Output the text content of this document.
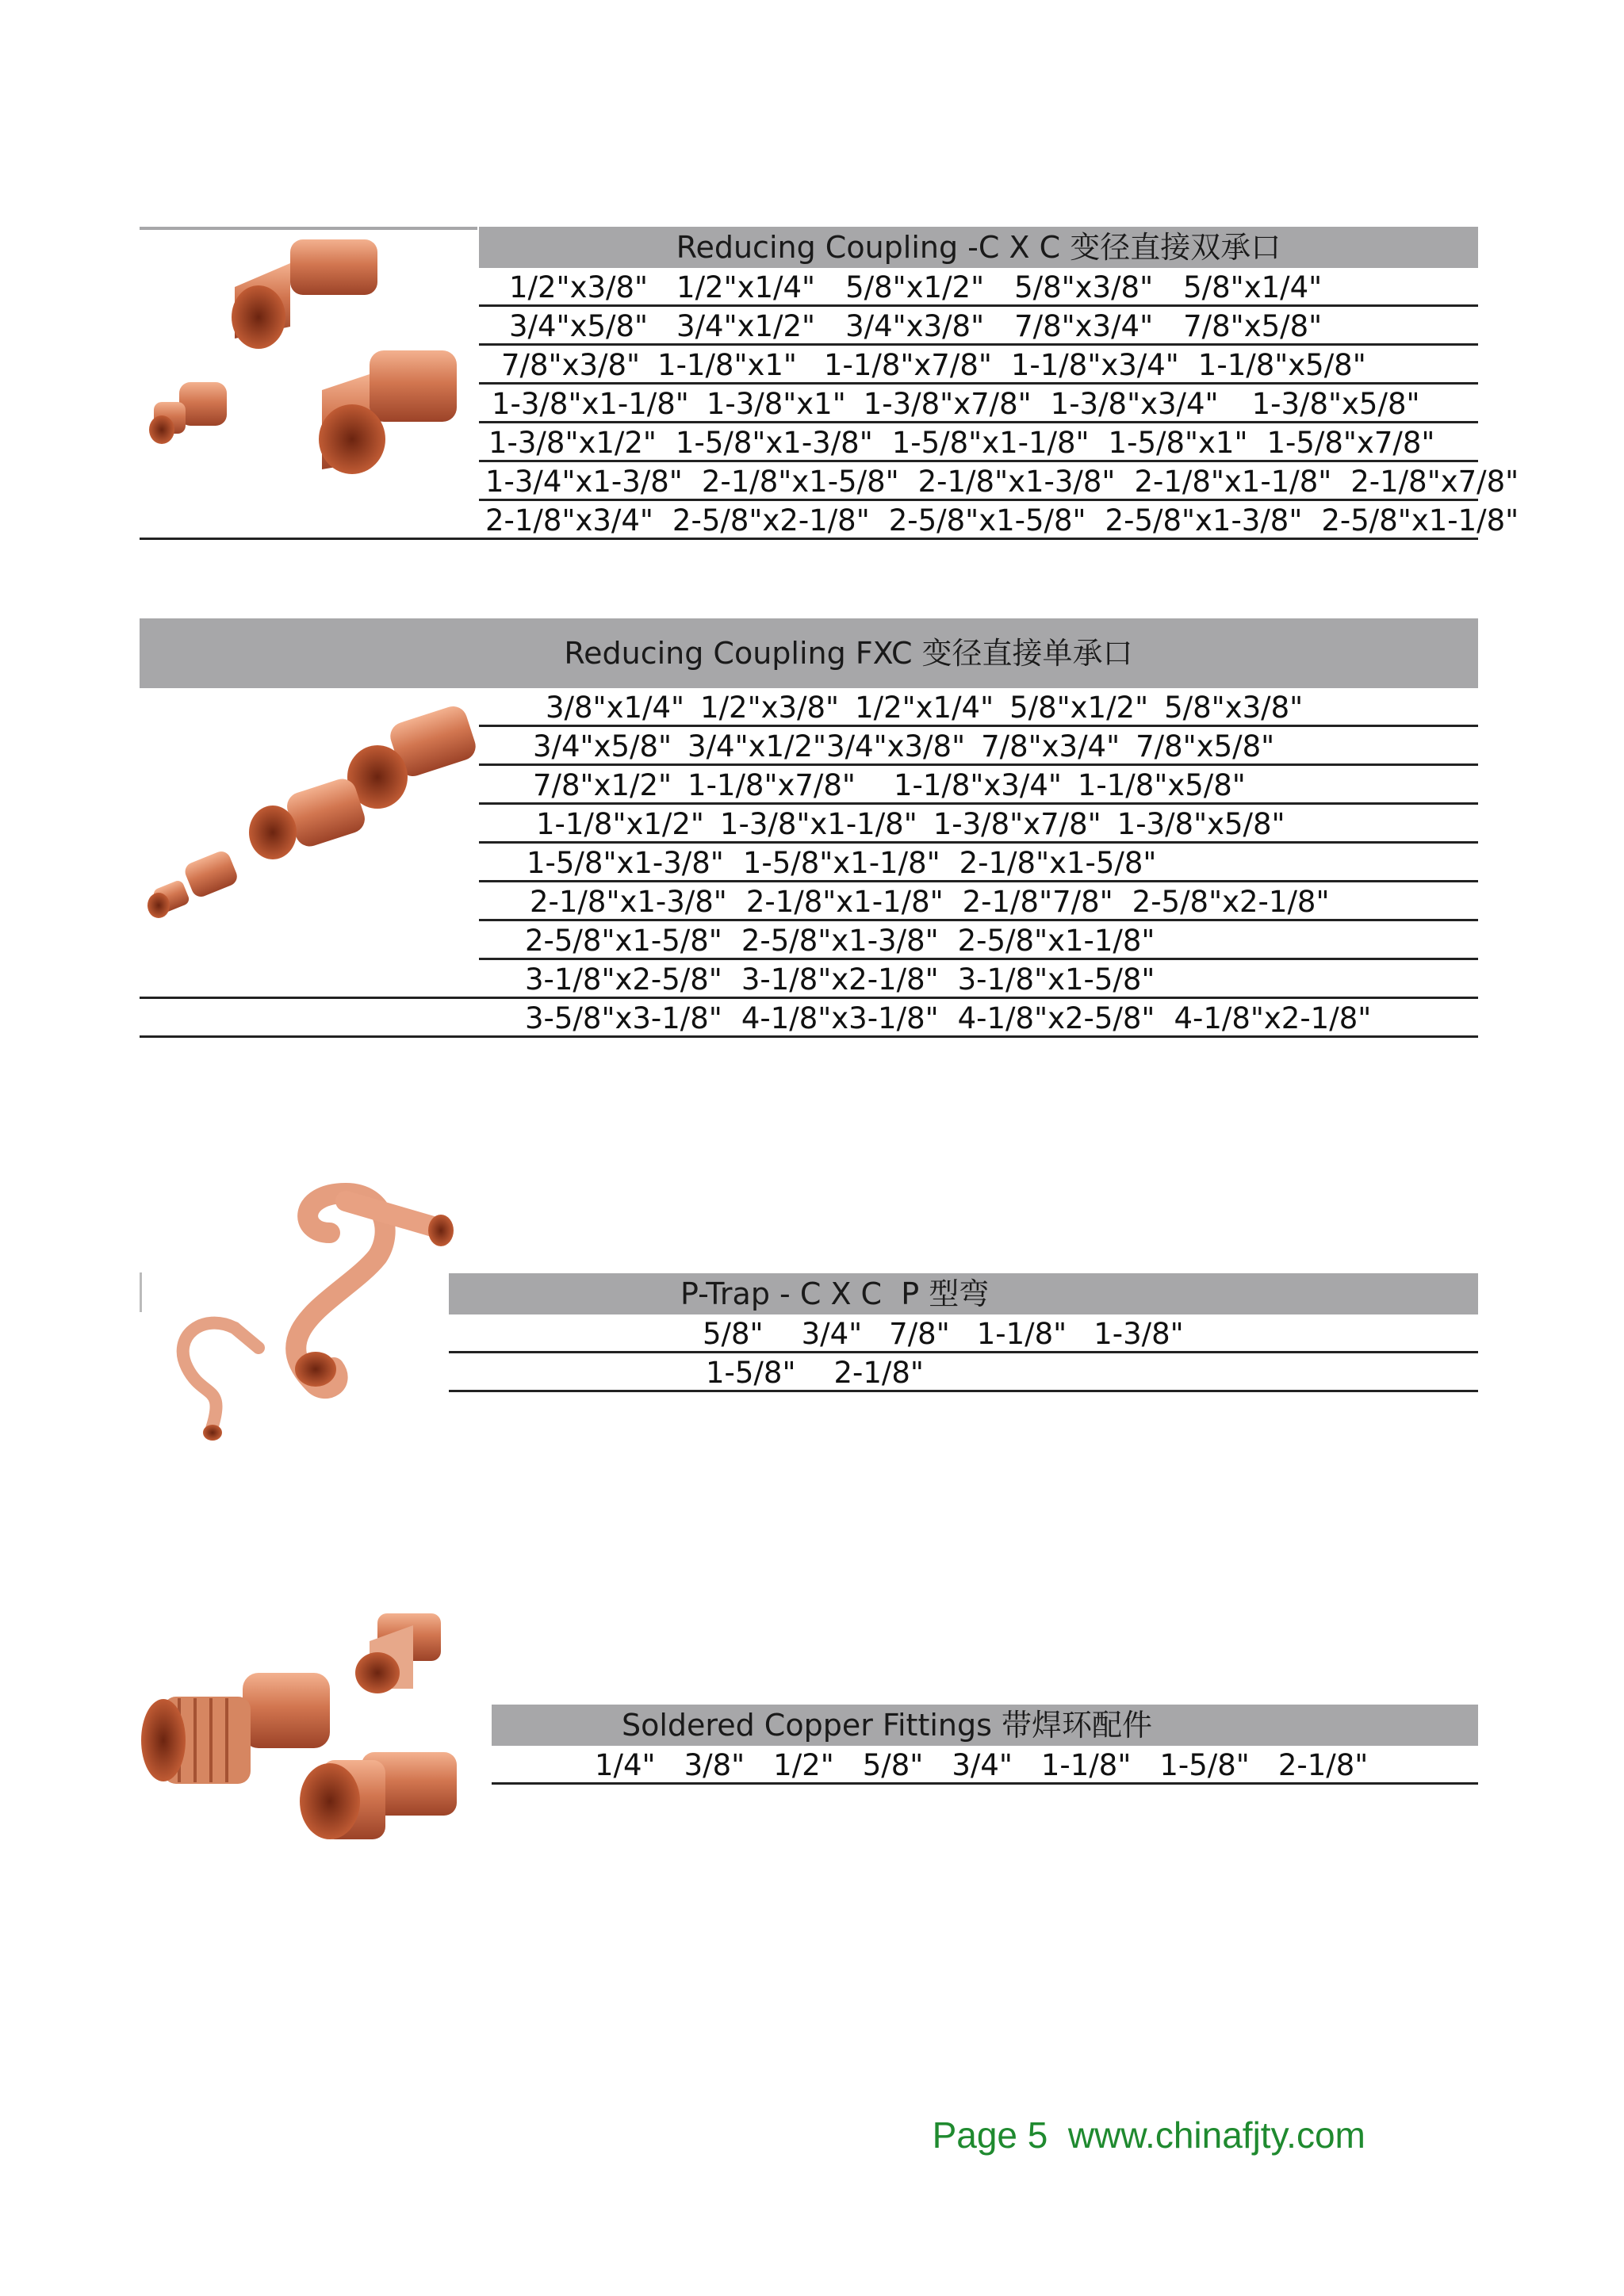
Reducing Coupling -C X C 变径直接双承口
1/2"x3/8" 1/2"x1/4" 5/8"x1/2" 5/8"x3/8" 5/8"x1/4"
3/4"x5/8" 3/4"x1/2" 3/4"x3/8" 7/8"x3/4" 7/8"x5/8"
7/8"x3/8" 1-1/8"x1" 1-1/8"x7/8" 1-1/8"x3/4" 1-1/8"x5/8"
1-3/8"x1-1/8" 1-3/8"x1" 1-3/8"x7/8" 1-3/8"x3/4" 1-3/8"x5/8"
1-3/8"x1/2" 1-5/8"x1-3/8" 1-5/8"x1-1/8" 1-5/8"x1" 1-5/8"x7/8"
1-3/4"x1-3/8" 2-1/8"x1-5/8" 2-1/8"x1-3/8" 2-1/8"x1-1/8" 2-1/8"x7/8"
2-1/8"x3/4" 2-5/8"x2-1/8" 2-5/8"x1-5/8" 2-5/8"x1-3/8" 2-5/8"x1-1/8"
Reducing Coupling FXC 变径直接单承口
3/8"x1/4" 1/2"x3/8" 1/2"x1/4" 5/8"x1/2" 5/8"x3/8"
3/4"x5/8" 3/4"x1/2"3/4"x3/8" 7/8"x3/4" 7/8"x5/8"
7/8"x1/2" 1-1/8"x7/8" 1-1/8"x3/4" 1-1/8"x5/8"
1-1/8"x1/2" 1-3/8"x1-1/8" 1-3/8"x7/8" 1-3/8"x5/8"
1-5/8"x1-3/8" 1-5/8"x1-1/8" 2-1/8"x1-5/8"
2-1/8"x1-3/8" 2-1/8"x1-1/8" 2-1/8"7/8" 2-5/8"x2-1/8"
2-5/8"x1-5/8" 2-5/8"x1-3/8" 2-5/8"x1-1/8"
3-1/8"x2-5/8" 3-1/8"x2-1/8" 3-1/8"x1-5/8"
3-5/8"x3-1/8" 4-1/8"x3-1/8" 4-1/8"x2-5/8" 4-1/8"x2-1/8"
P-Trap - C X C  P 型弯
5/8" 3/4" 7/8" 1-1/8" 1-3/8"
1-5/8" 2-1/8"
Soldered Copper Fittings 带焊环配件
1/4" 3/8" 1/2" 5/8" 3/4" 1-1/8" 1-5/8" 2-1/8"

Page 5 www.chinafjty.com
